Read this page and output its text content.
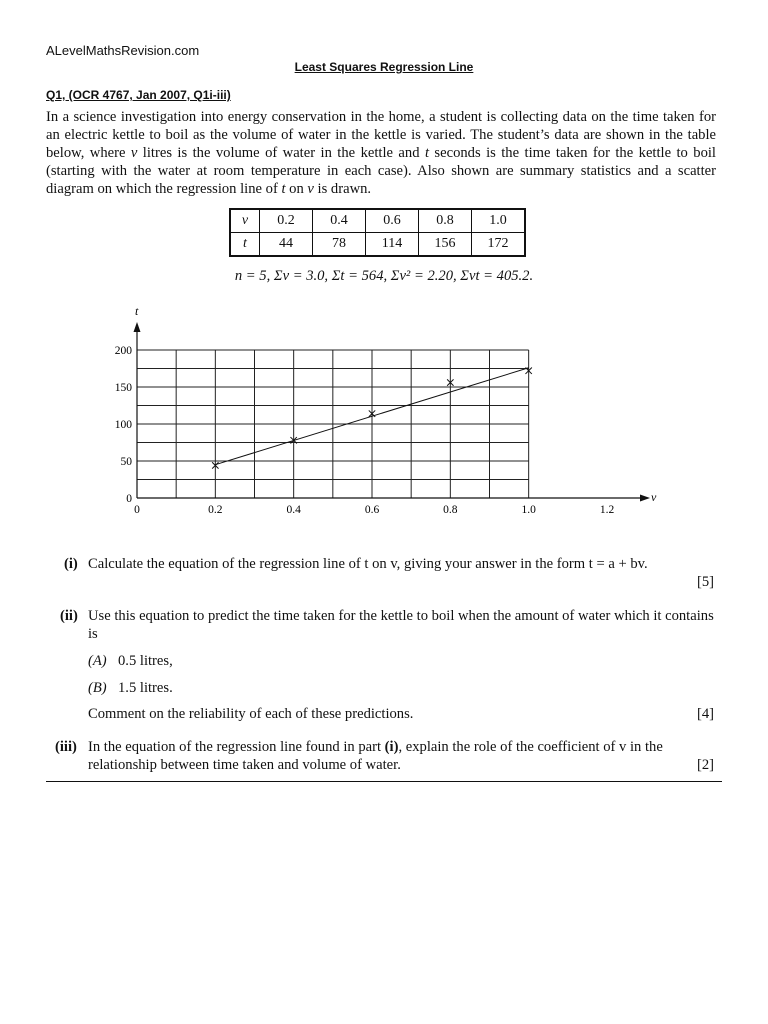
ALevelMathsRevision.com
Least Squares Regression Line
Q1, (OCR 4767, Jan 2007, Q1i-iii)
In a science investigation into energy conservation in the home, a student is collecting data on the time taken for an electric kettle to boil as the volume of water in the kettle is varied. The student’s data are shown in the table below, where v litres is the volume of water in the kettle and t seconds is the time taken for the kettle to boil (starting with the water at room temperature in each case). Also shown are summary statistics and a scatter diagram on which the regression line of t on v is drawn.
v	0.2	0.4	0.6	0.8	1.0
t	44	78	114	156	172
n = 5, Σv = 3.0, Σt = 564, Σv² = 2.20, Σvt = 405.2.
0	0.2	0.4	0.6	0.8	1.0	1.2
0
50
100
150
200
v
t
(i) Calculate the equation of the regression line of t on v, giving your answer in the form t = a + bv.
[5]
(ii) Use this equation to predict the time taken for the kettle to boil when the amount of water which it contains is
(A) 0.5 litres,
(B) 1.5 litres.
Comment on the reliability of each of these predictions.	[4]
(iii) In the equation of the regression line found in part (i), explain the role of the coefficient of v in the relationship between time taken and volume of water.	[2]
